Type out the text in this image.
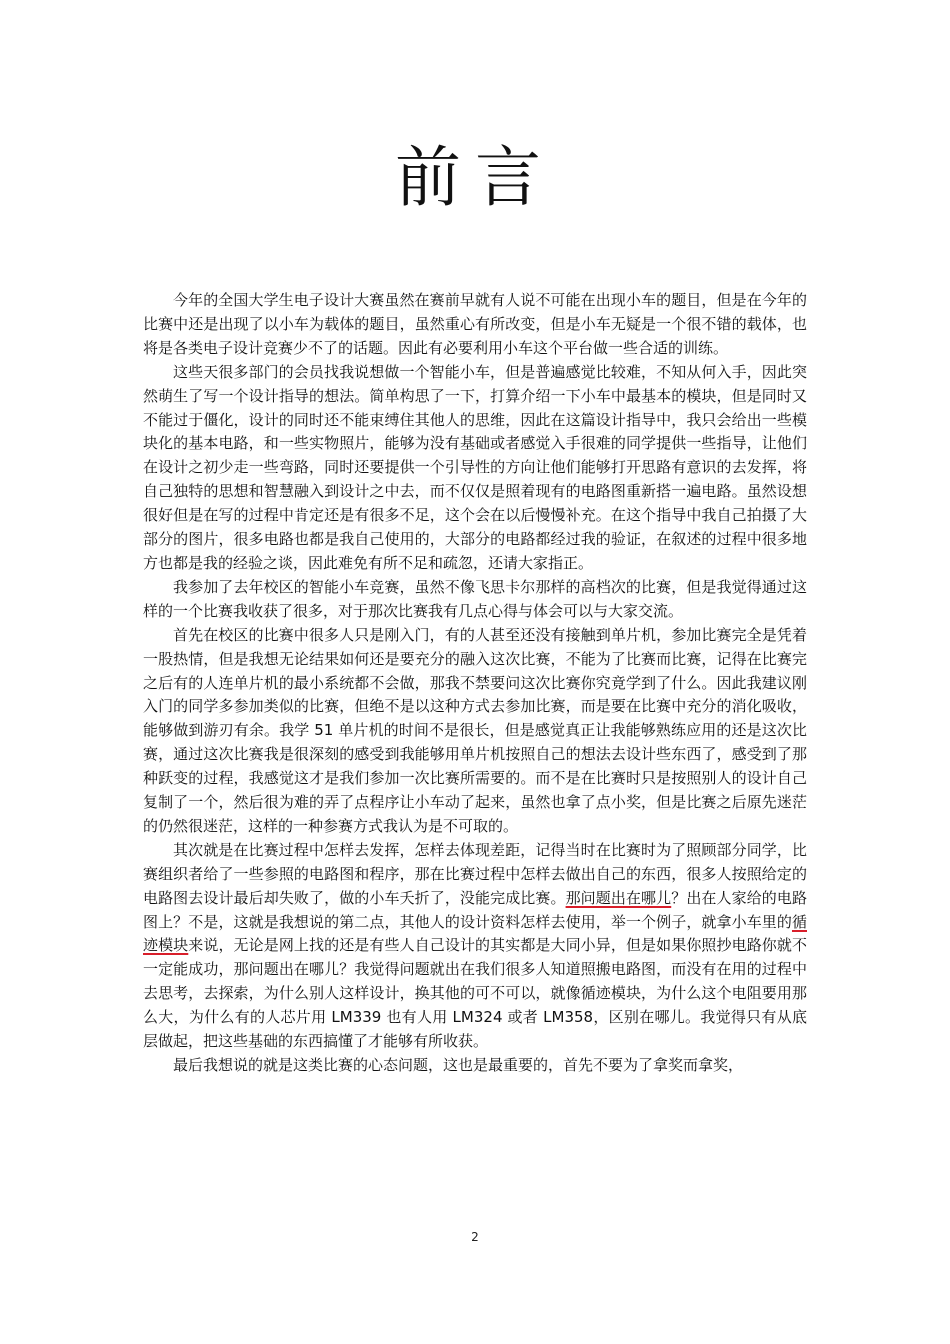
前言

今年的全国大学生电子设计大赛虽然在赛前早就有人说不可能在出现小车的题目，但是在今年的比赛中还是出现了以小车为载体的题目，虽然重心有所改变，但是小车无疑是一个很不错的载体，也将是各类电子设计竞赛少不了的话题。因此有必要利用小车这个平台做一些合适的训练。

这些天很多部门的会员找我说想做一个智能小车，但是普遍感觉比较难，不知从何入手，因此突然萌生了写一个设计指导的想法。简单构思了一下，打算介绍一下小车中最基本的模块，但是同时又不能过于僵化，设计的同时还不能束缚住其他人的思维，因此在这篇设计指导中，我只会给出一些模块化的基本电路，和一些实物照片，能够为没有基础或者感觉入手很难的同学提供一些指导，让他们在设计之初少走一些弯路，同时还要提供一个引导性的方向让他们能够打开思路有意识的去发挥，将自己独特的思想和智慧融入到设计之中去，而不仅仅是照着现有的电路图重新搭一遍电路。虽然设想很好但是在写的过程中肯定还是有很多不足，这个会在以后慢慢补充。在这个指导中我自己拍摄了大部分的图片，很多电路也都是我自己使用的，大部分的电路都经过我的验证，在叙述的过程中很多地方也都是我的经验之谈，因此难免有所不足和疏忽，还请大家指正。

我参加了去年校区的智能小车竞赛，虽然不像飞思卡尔那样的高档次的比赛，但是我觉得通过这样的一个比赛我收获了很多，对于那次比赛我有几点心得与体会可以与大家交流。

首先在校区的比赛中很多人只是刚入门，有的人甚至还没有接触到单片机，参加比赛完全是凭着一股热情，但是我想无论结果如何还是要充分的融入这次比赛，不能为了比赛而比赛，记得在比赛完之后有的人连单片机的最小系统都不会做，那我不禁要问这次比赛你究竟学到了什么。因此我建议刚入门的同学多参加类似的比赛，但绝不是以这种方式去参加比赛，而是要在比赛中充分的消化吸收，能够做到游刃有余。我学 51 单片机的时间不是很长，但是感觉真正让我能够熟练应用的还是这次比赛，通过这次比赛我是很深刻的感受到我能够用单片机按照自己的想法去设计些东西了，感受到了那种跃变的过程，我感觉这才是我们参加一次比赛所需要的。而不是在比赛时只是按照别人的设计自己复制了一个，然后很为难的弄了点程序让小车动了起来，虽然也拿了点小奖，但是比赛之后原先迷茫的仍然很迷茫，这样的一种参赛方式我认为是不可取的。

其次就是在比赛过程中怎样去发挥，怎样去体现差距，记得当时在比赛时为了照顾部分同学，比赛组织者给了一些参照的电路图和程序，那在比赛过程中怎样去做出自己的东西，很多人按照给定的电路图去设计最后却失败了，做的小车夭折了，没能完成比赛。那问题出在哪儿？出在人家给的电路图上？不是，这就是我想说的第二点，其他人的设计资料怎样去使用，举一个例子，就拿小车里的循迹模块来说，无论是网上找的还是有些人自己设计的其实都是大同小异，但是如果你照抄电路你就不一定能成功，那问题出在哪儿？我觉得问题就出在我们很多人知道照搬电路图，而没有在用的过程中去思考，去探索，为什么别人这样设计，换其他的可不可以，就像循迹模块，为什么这个电阻要用那么大，为什么有的人芯片用 LM339 也有人用 LM324 或者 LM358，区别在哪儿。我觉得只有从底层做起，把这些基础的东西搞懂了才能够有所收获。

最后我想说的就是这类比赛的心态问题，这也是最重要的，首先不要为了拿奖而拿奖，

2
